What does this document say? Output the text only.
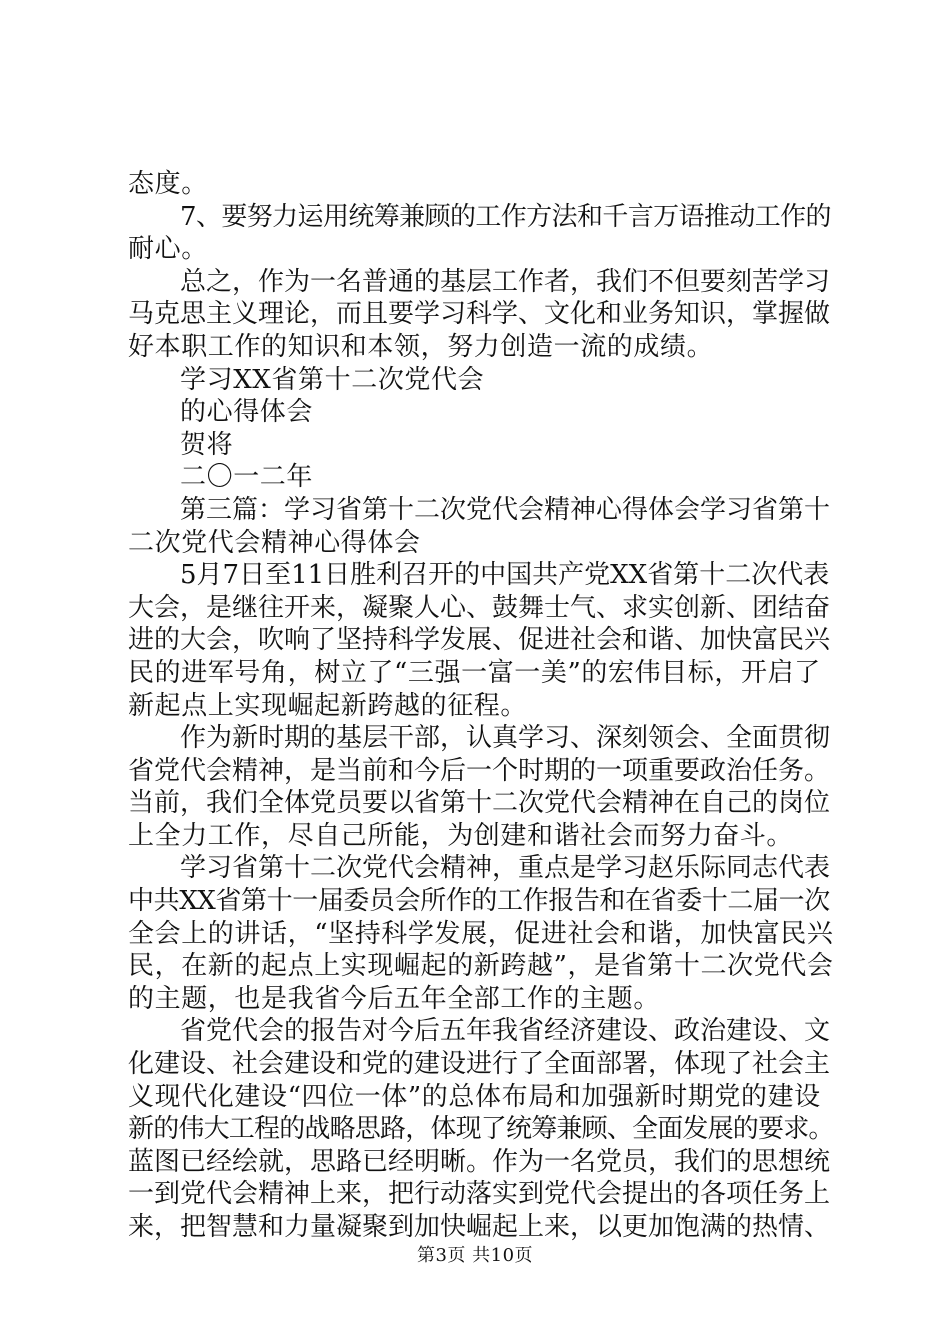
态度。
7、要努力运用统筹兼顾的工作方法和千言万语推动工作的
耐心。
总之，作为一名普通的基层工作者，我们不但要刻苦学习
马克思主义理论，而且要学习科学、文化和业务知识，掌握做
好本职工作的知识和本领，努力创造一流的成绩。
学习XX省第十二次党代会
的心得体会
贺将
二〇一二年
第三篇：学习省第十二次党代会精神心得体会学习省第十
二次党代会精神心得体会
5月7日至11日胜利召开的中国共产党XX省第十二次代表
大会，是继往开来，凝聚人心、鼓舞士气、求实创新、团结奋
进的大会，吹响了坚持科学发展、促进社会和谐、加快富民兴
民的进军号角，树立了“三强一富一美”的宏伟目标，开启了
新起点上实现崛起新跨越的征程。
作为新时期的基层干部，认真学习、深刻领会、全面贯彻
省党代会精神，是当前和今后一个时期的一项重要政治任务。
当前，我们全体党员要以省第十二次党代会精神在自己的岗位
上全力工作，尽自己所能，为创建和谐社会而努力奋斗。
学习省第十二次党代会精神，重点是学习赵乐际同志代表
中共XX省第十一届委员会所作的工作报告和在省委十二届一次
全会上的讲话，“坚持科学发展，促进社会和谐，加快富民兴
民，在新的起点上实现崛起的新跨越”，是省第十二次党代会
的主题，也是我省今后五年全部工作的主题。
省党代会的报告对今后五年我省经济建设、政治建设、文
化建设、社会建设和党的建设进行了全面部署，体现了社会主
义现代化建设“四位一体”的总体布局和加强新时期党的建设
新的伟大工程的战略思路，体现了统筹兼顾、全面发展的要求。
蓝图已经绘就，思路已经明晰。作为一名党员，我们的思想统
一到党代会精神上来，把行动落实到党代会提出的各项任务上
来，把智慧和力量凝聚到加快崛起上来，以更加饱满的热情、
第3页 共10页
